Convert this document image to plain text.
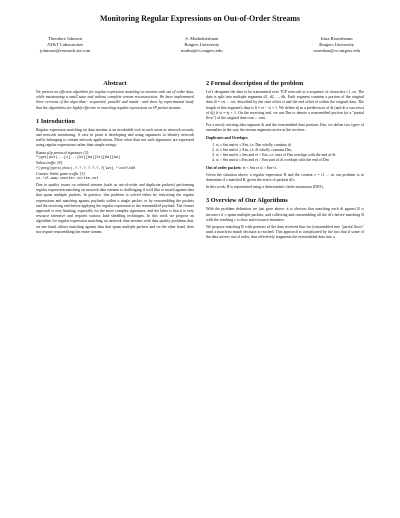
Monitoring Regular Expressions on Out-of-Order Streams
Theodore Johnson
AT&T Laboratories
johnsont@research.att.com
S. Muthukrishnan
Rutgers University
muthu@cs.rutgers.edu
Irina Rozenbaum
Rutgers University
rozenbau@cs.rutgers.edu
Abstract

We present an efficient algorithm for regular expression matching on streams with out of order data, while maintaining a small state and without complete stream reconstruction. We have implemented three versions of the algorithm - sequential, parallel and mixed - and show by experimental study that the algorithms are highly effective in matching regular expressions on IP packet streams.

1 Introduction

Regular expression matching on data streams is an invaluable tool in such areas as network security and network monitoring. A case in point is developing and using signatures to identify network traffic belonging to certain network applications. More often than not such signatures are expressed using regular expressions rather than simple strings:

Kazaa p2p protocol signature [2]:
^(get|put)...[x]...[kk][Aa][Zz][Aa][Aa]
Yahoo traffic [8]:
^(ymsg|ypns|yhoo).?.?.?.?.?.?.?[lwt].*\xc0\x80
Counter Strike game traffic [1]:
cs.*dl.www.counter-strike.net

Due to quality issues on ordered streams (such as out-of-order and duplicate packets) performing regular expression matching on network data streams is challenging if we'd like to match against data that spans multiple packets. In practice, this problem is solved either by restricting the regular expressions and matching against payloads within a single packet, or by reassembling the packets and the receiving end before applying the regular expression to the reassembled payload. The former approach is very limiting, especially for the more complex signatures, and the latter is that it is very resource intensive and requires various load shedding techniques. In this work we propose an algorithm for regular expression matching on network data streams with data quality problems that, on one hand, allows matching against data that spans multiple packets and on the other hand, does not require reassembling the entire stream.

2 Formal description of the problem

Let's designate the data to be transmitted over TCP network as a sequence of characters c1..cn. The data is split into multiple segments d1, d2, ..., dk. Each segment contains a portion of the original data di = csi ... cei, described by the start offset si and the end offset ei within the original data. The length of this segment's data is li = ei − si + 1. We define dj as a predecessor of di (and di a successor of dj) if si = ej + 1. On the receiving end, we use Dm to denote a reassembled portion (or a "partial flow") of the original data csm ... cem.

For a newly arriving data segment di and the reassembled data portions Dm, we define two types of anomalies in the way the stream segments arrive at the receiver:

Duplicates and Overlaps:

1. si ≥ Sm and ei ≤ Em, i.e. Dm wholly contains di
2. si ≤ Sm and ei ≥ Em, i.e. di wholly contains Dm,
3. si < Sm and ei ≥ Sm and ei < Em, i.e. start of Dm overlaps with the end of di
4. si > Sm and si ≤ Em and ei > Em start of di overlaps with the end of Dm

Out of order packets: ei < Sm or si > Em+1.

Given the situation above, a regular expression R and the content c = c1 ... cn our problem is to determine if c matched R, given the series of packets di's.

In this work, R is represented using a deterministic finite automaton (DFA).

3 Overview of Our Algorithms

With the problem definition we just gave above, it is obvious that matching each di against R is incorrect if c spans multiple packets, and collecting and reassembling all the di's before matching R with the resulting c is slow and resource-intensive.

We propose matching R with portions of the data received thus far (reassembled into "partial flows" until a match/no match decision is reached. This approach is complicated by the fact that if some of the data arrives out of order, thus effectively fragments the reassembled data into a
